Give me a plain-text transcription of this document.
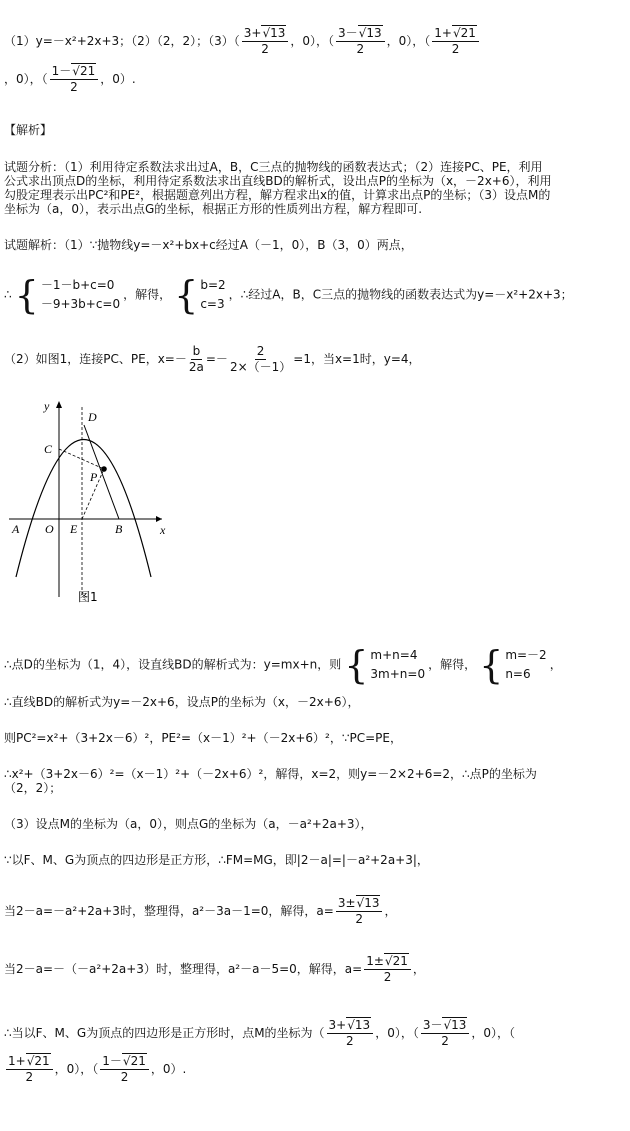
（1）y=－x²+2x+3；（2）（2，2）；$(3)( \frac{3+√13}{2}$ ，0），（ $\frac{3-√13}{2}$ ，0），（ $\frac{1+√21}{2}$
，0），（ $\frac{1-√21}{2}$ ，0）.
【解析】
试题分析：（1）利用待定系数法求出过A，B，C三点的抛物线的函数表达式；（2）连接PC、PE，利用
公式求出顶点D的坐标，利用待定系数法求出直线BD的解析式，设出点P的坐标为（x，－2x+6），利用
勾股定理表示出PC²和PE²，根据题意列出方程，解方程求出x的值，计算求出点P的坐标；（3）设点M的
坐标为（a，0），表示出点G的坐标，根据正方形的性质列出方程，解方程即可.
试题解析：（1）∵抛物线y=－x²+bx+c经过A（－1，0），B（3，0）两点，
∴ { －1－b+c=0
－9+3b+c=0
，解得， { b=2
c=3
，∴经过A，B，C三点的抛物线的函数表达式为y=－x²+2x+3；
（2）如图1，连接PC、PE，$x=- \frac{b}{2a} =- \frac{2}{2\times(-1)} =1$，当x=1时，y=4，
y
x
D
C
P
A O E	B
图1
∴点D的坐标为（1，4），设直线BD的解析式为：y=mx+n，则 { m+n=4
3m+n=0
，解得， { m=－2
n=6
，
∴直线BD的解析式为y=－2x+6，设点P的坐标为（x，－2x+6），
则PC²=x²+（3+2x－6）²，PE²=（x－1）²+（－2x+6）²，∵PC=PE，
∴x²+（3+2x－6）²=（x－1）²+（－2x+6）²，解得，x=2，则y=－2×2+6=2，∴点P的坐标为
（2，2）；
（3）设点M的坐标为（a，0），则点G的坐标为（a，－a²+2a+3），
∵以F、M、G为顶点的四边形是正方形，∴FM=MG，即|2－a|=|－a²+2a+3|，
当2－a=－a²+2a+3时，整理得，a²－3a－1=0，解得，$a= \frac{3\pm√13}{2}$ ，
当2－a=－（－a²+2a+3）时，整理得，a²－a－5=0，解得，$a= \frac{1\pm√21}{2}$ ，
∴当以F、M、G为顶点的四边形是正方形时，点M的坐标为（ $\frac{3+√13}{2}$ ，0），（ $\frac{3-√13}{2}$ ，0），（
$\frac{1+√21}{2}$ ，0），（ $\frac{1-√21}{2}$ ，0）.
